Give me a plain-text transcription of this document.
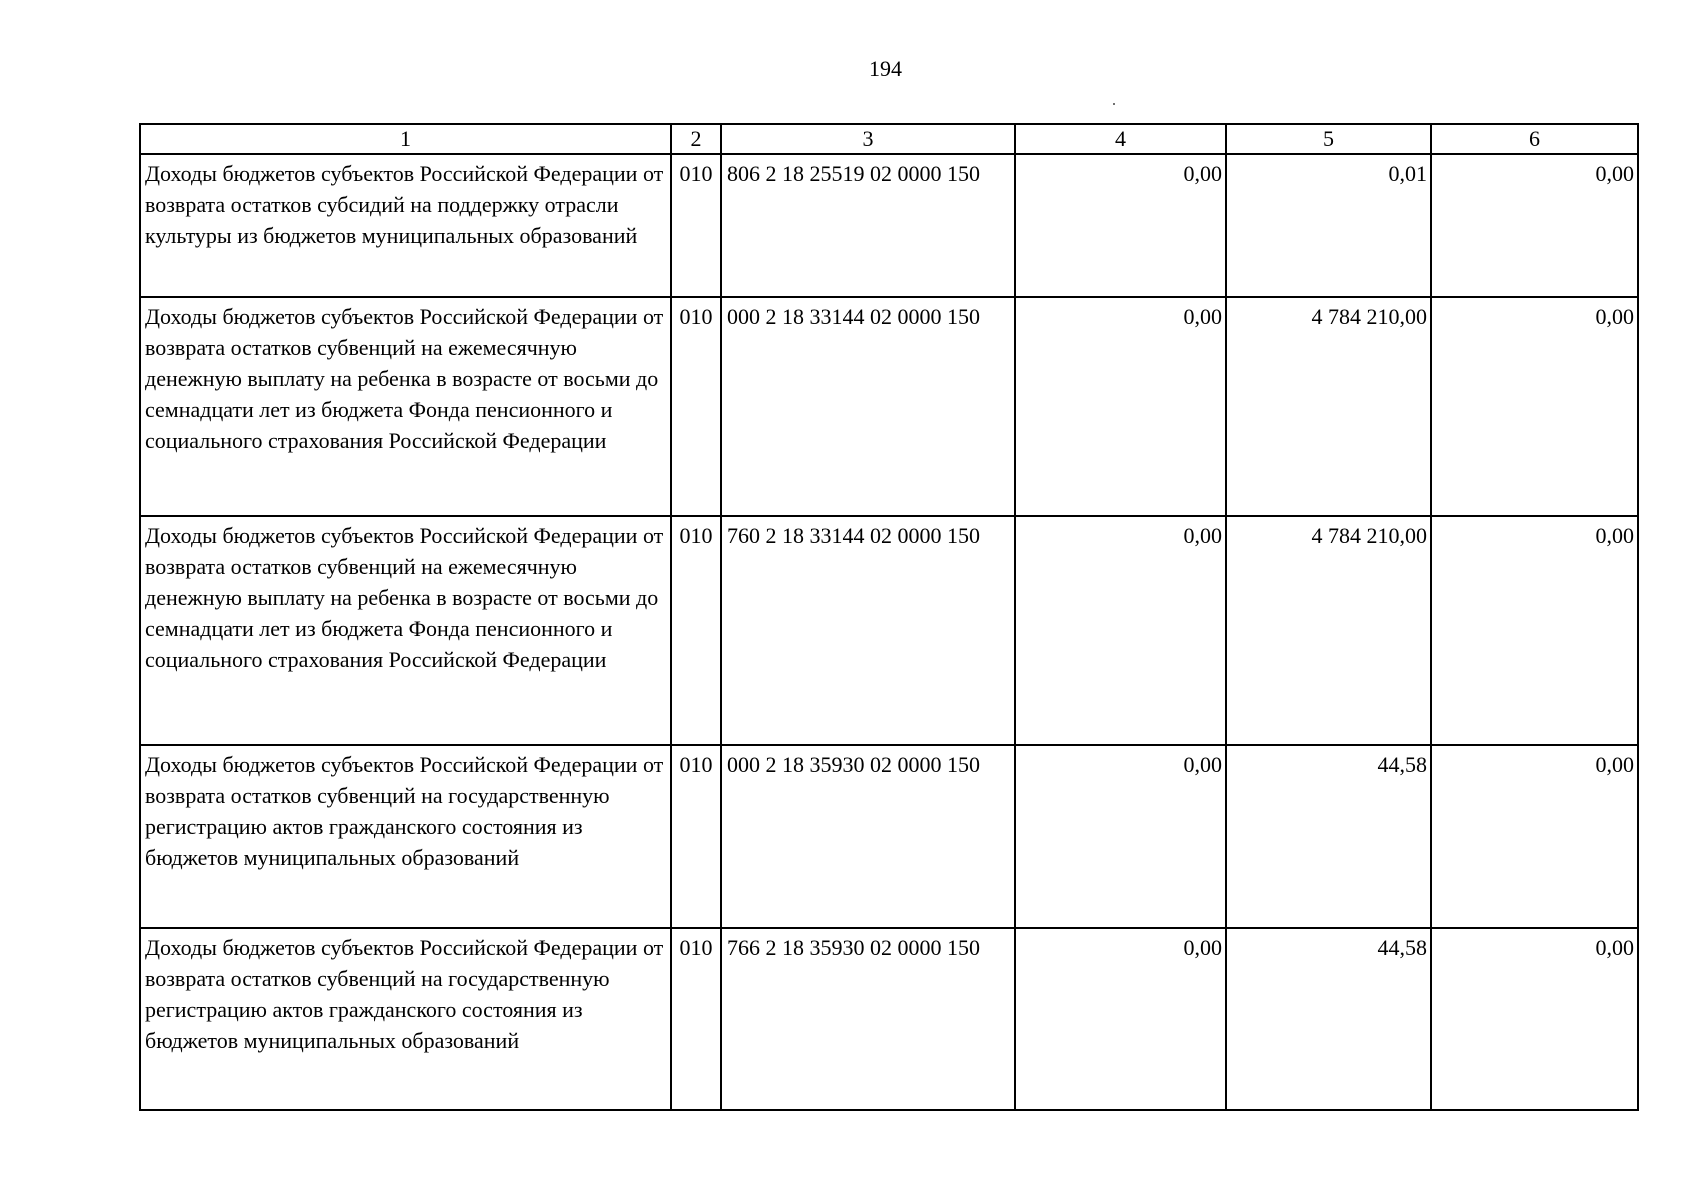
194
1	2	3	4	5	6
Доходы бюджетов субъектов Российской Федерации от возврата остатков субсидий на поддержку отрасли культуры из бюджетов муниципальных образований	010	806 2 18 25519 02 0000 150	0,00	0,01	0,00
Доходы бюджетов субъектов Российской Федерации от возврата остатков субвенций на ежемесячную денежную выплату на ребенка в возрасте от восьми до семнадцати лет из бюджета Фонда пенсионного и социального страхования Российской Федерации	010	000 2 18 33144 02 0000 150	0,00	4 784 210,00	0,00
Доходы бюджетов субъектов Российской Федерации от возврата остатков субвенций на ежемесячную денежную выплату на ребенка в возрасте от восьми до семнадцати лет из бюджета Фонда пенсионного и социального страхования Российской Федерации	010	760 2 18 33144 02 0000 150	0,00	4 784 210,00	0,00
Доходы бюджетов субъектов Российской Федерации от возврата остатков субвенций на государственную регистрацию актов гражданского состояния из бюджетов муниципальных образований	010	000 2 18 35930 02 0000 150	0,00	44,58	0,00
Доходы бюджетов субъектов Российской Федерации от возврата остатков субвенций на государственную регистрацию актов гражданского состояния из бюджетов муниципальных образований	010	766 2 18 35930 02 0000 150	0,00	44,58	0,00
